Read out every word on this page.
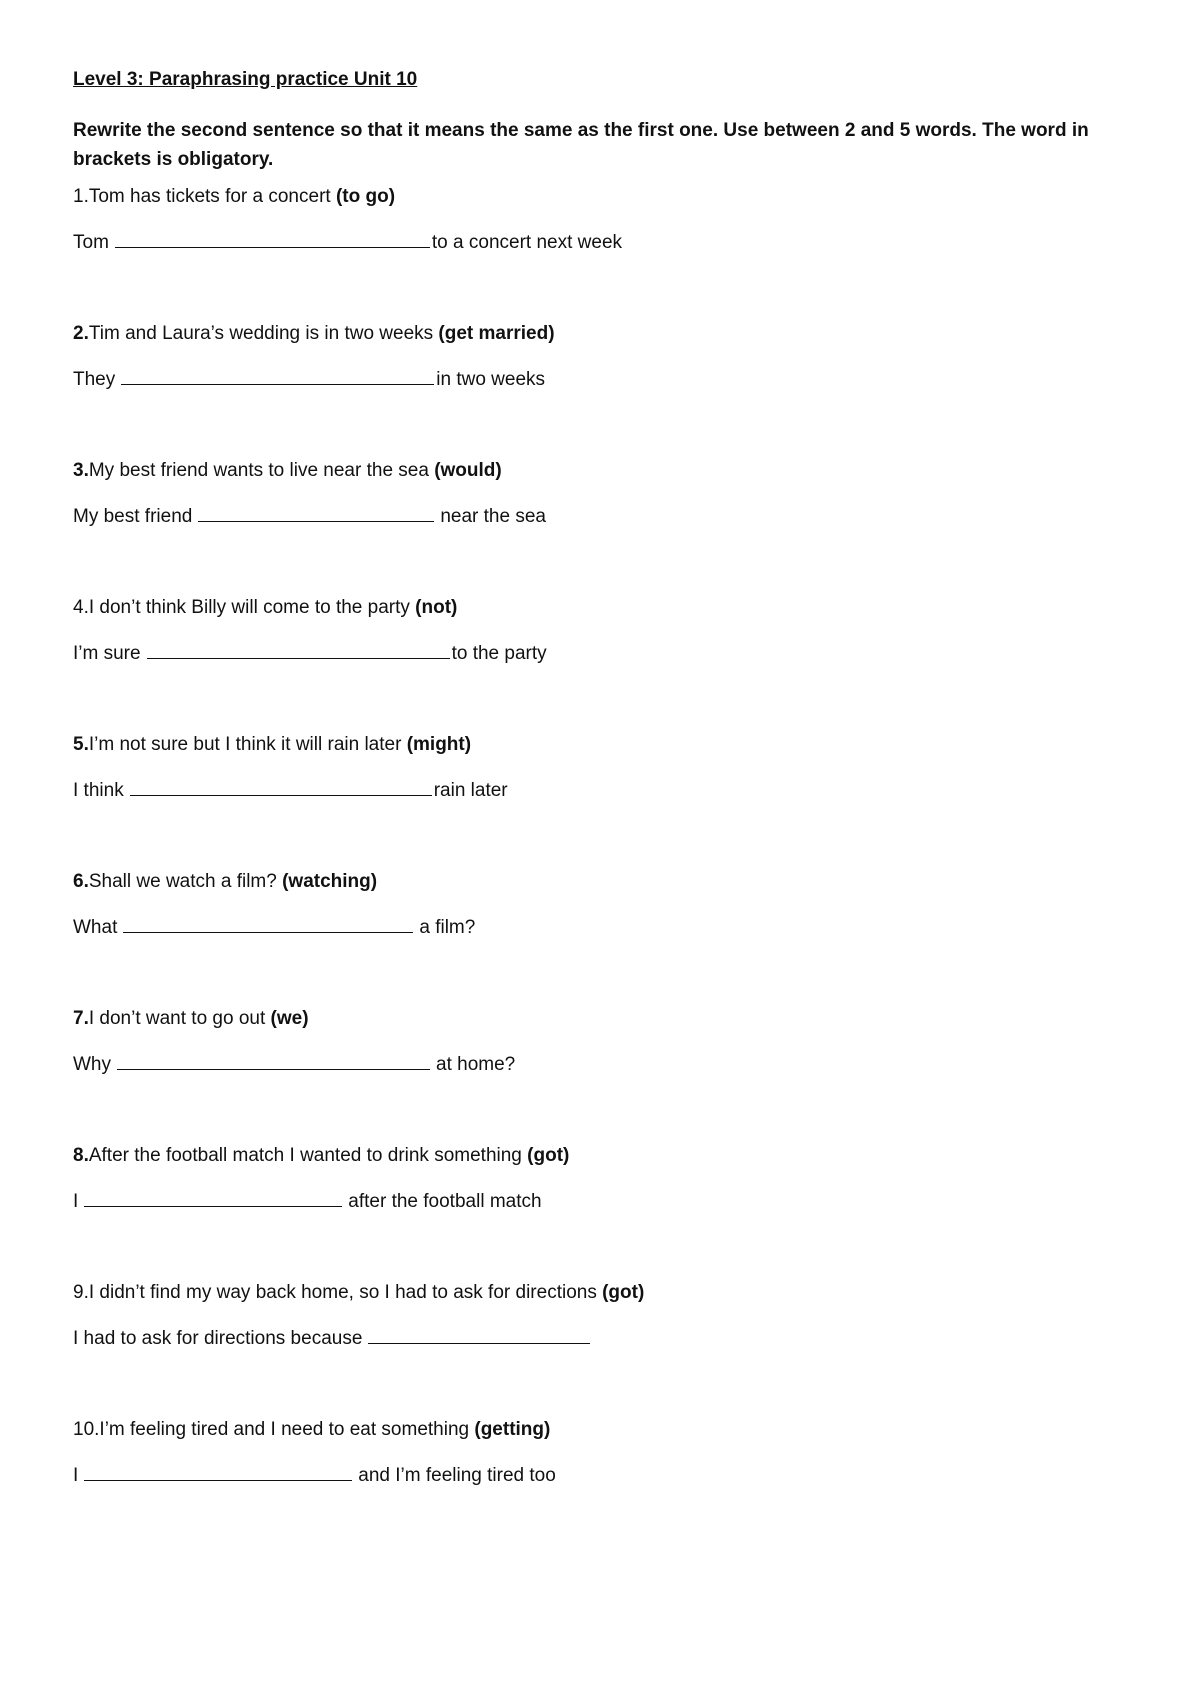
Level 3: Paraphrasing practice Unit 10
Rewrite the second sentence so that it means the same as the first one. Use between 2 and 5 words. The word in brackets is obligatory.
1.Tom has tickets for a concert (to go)
Tom	to a concert next week
2.Tim and Laura’s wedding is in two weeks (get married)
They	in two weeks
3.My best friend wants to live near the sea (would)
My best friend	near the sea
4.I don’t think Billy will come to the party (not)
I’m sure	to the party
5.I’m not sure but I think it will rain later (might)
I think	rain later
6.Shall we watch a film? (watching)
What	a film?
7.I don’t want to go out (we)
Why	at home?
8.After the football match I wanted to drink something (got)
I	after the football match
9.I didn’t find my way back home, so I had to ask for directions (got)
I had to ask for directions because
10.I’m feeling tired and I need to eat something (getting)
I	and I’m feeling tired too
